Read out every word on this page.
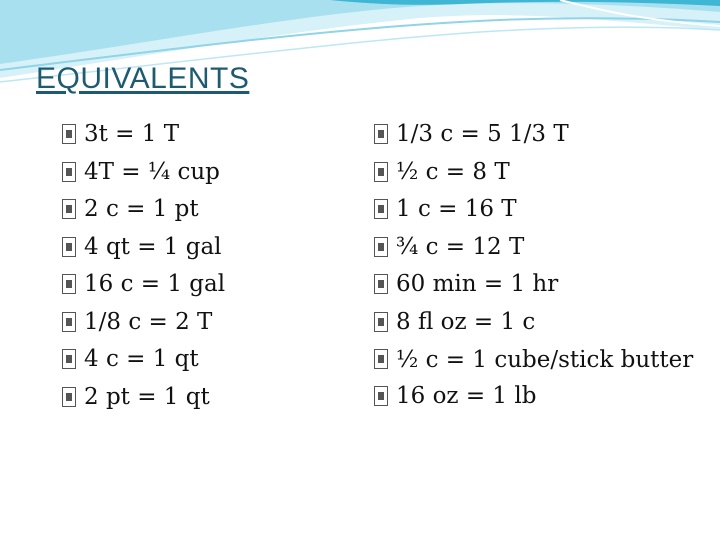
EQUIVALENTS
3t = 1 T
4T = ¼ cup
2 c = 1 pt
4 qt = 1 gal
16 c = 1 gal
1/8 c = 2 T
4 c = 1 qt
2 pt = 1 qt
1/3 c = 5 1/3 T
½ c = 8 T
1 c = 16 T
¾ c = 12 T
60 min = 1 hr
8 fl oz = 1 c
½ c = 1 cube/stick butter
16 oz = 1 lb
